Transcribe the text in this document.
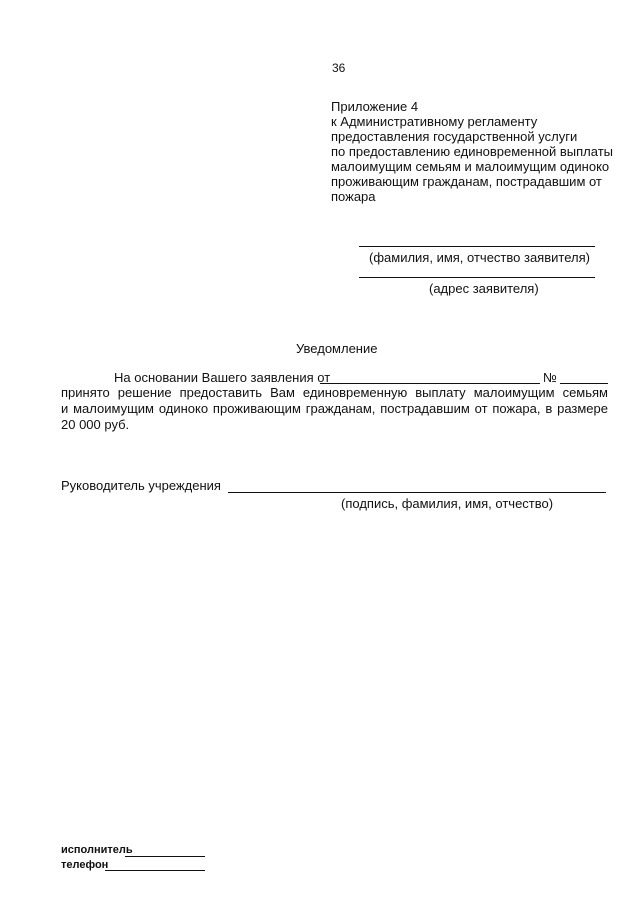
36
Приложение 4
к Административному регламенту
предоставления государственной услуги
по предоставлению единовременной выплаты
малоимущим семьям и малоимущим одиноко
проживающим гражданам, пострадавшим от
пожара
(фамилия, имя, отчество заявителя)
(адрес заявителя)
Уведомление
На основании Вашего заявления от	№
принято решение предоставить Вам единовременную выплату малоимущим семьям
и малоимущим одиноко проживающим гражданам, пострадавшим от пожара, в размере
20 000 руб.
Руководитель учреждения
(подпись, фамилия, имя, отчество)
исполнитель
телефон
